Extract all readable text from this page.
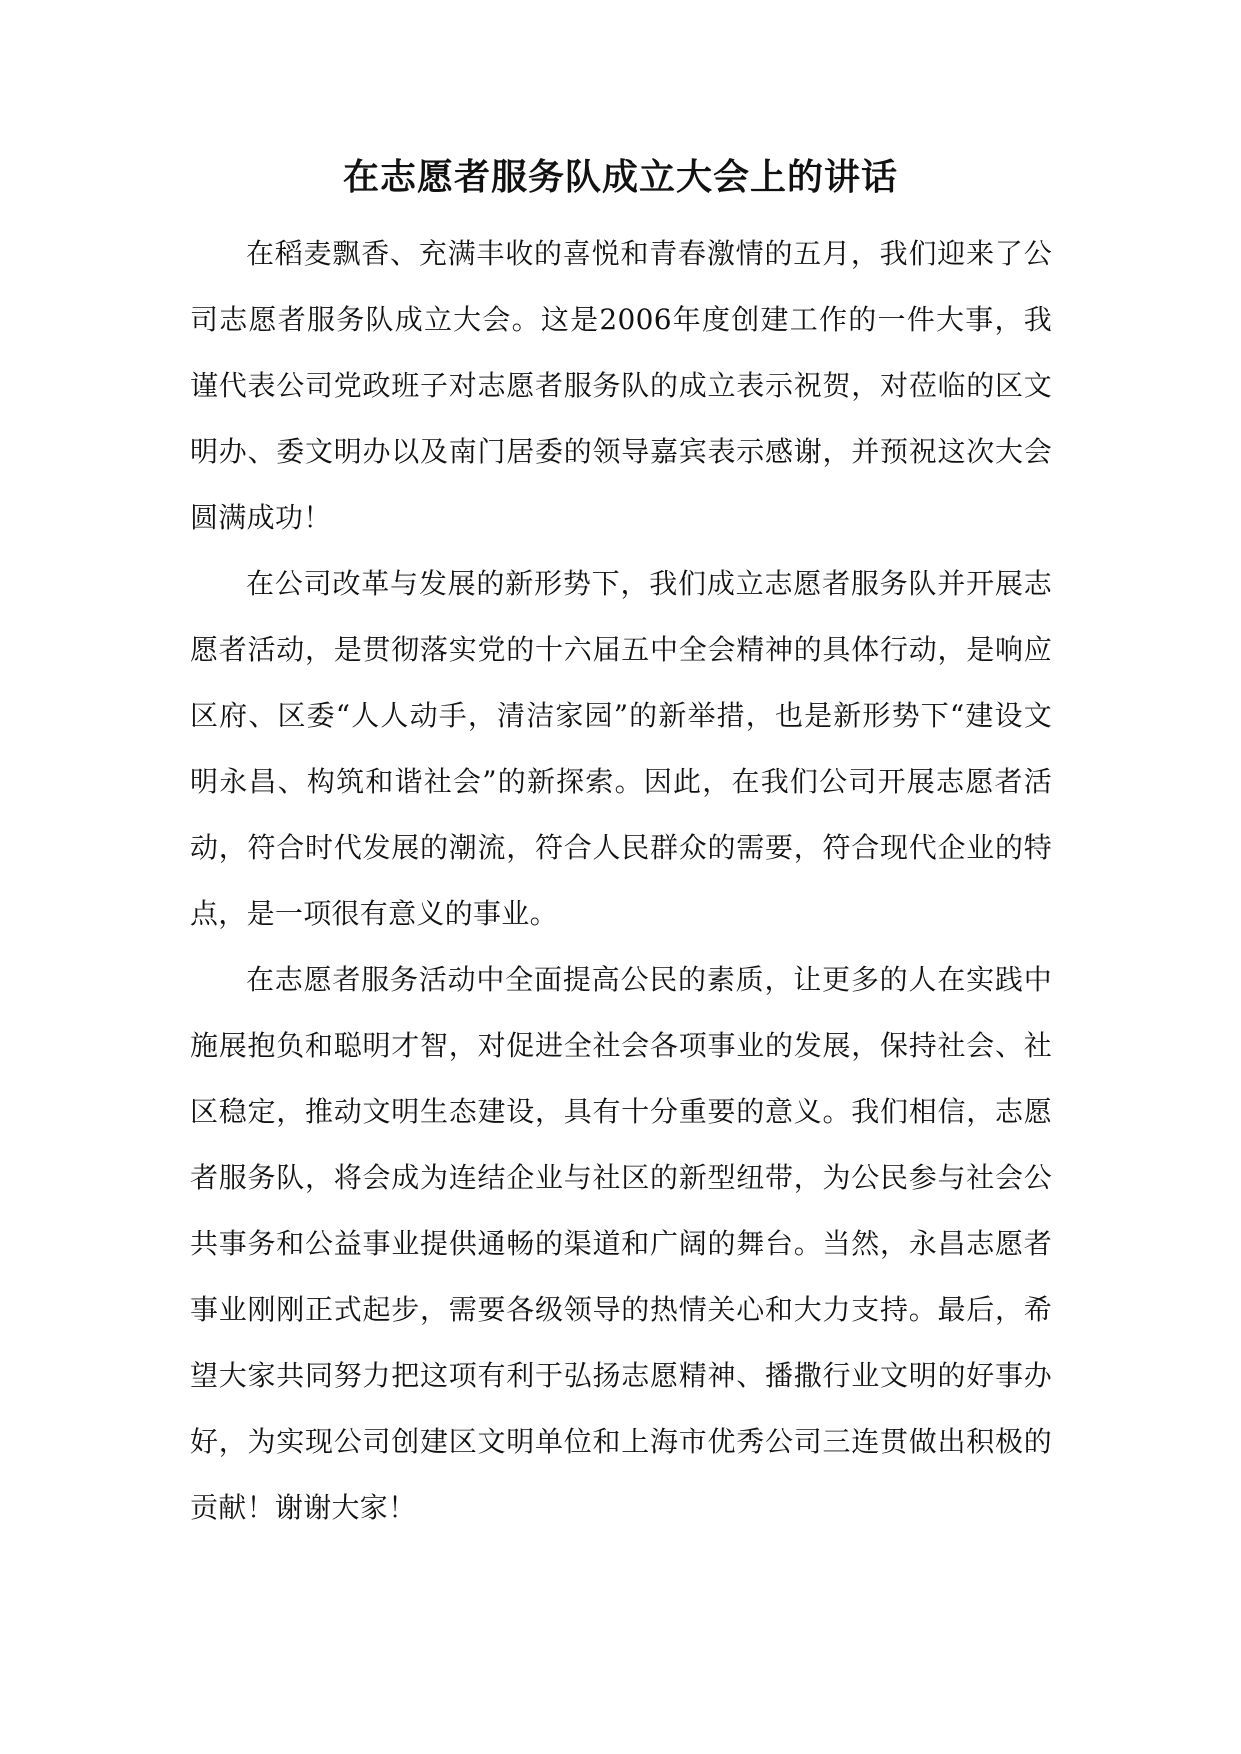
在志愿者服务队成立大会上的讲话

在稻麦飘香、充满丰收的喜悦和青春激情的五月，我们迎来了公司志愿者服务队成立大会。这是2006年度创建工作的一件大事，我谨代表公司党政班子对志愿者服务队的成立表示祝贺，对莅临的区文明办、委文明办以及南门居委的领导嘉宾表示感谢，并预祝这次大会圆满成功！

在公司改革与发展的新形势下，我们成立志愿者服务队并开展志愿者活动，是贯彻落实党的十六届五中全会精神的具体行动，是响应区府、区委“人人动手，清洁家园”的新举措，也是新形势下“建设文明永昌、构筑和谐社会”的新探索。因此，在我们公司开展志愿者活动，符合时代发展的潮流，符合人民群众的需要，符合现代企业的特点，是一项很有意义的事业。

在志愿者服务活动中全面提高公民的素质，让更多的人在实践中施展抱负和聪明才智，对促进全社会各项事业的发展，保持社会、社区稳定，推动文明生态建设，具有十分重要的意义。我们相信，志愿者服务队，将会成为连结企业与社区的新型纽带，为公民参与社会公共事务和公益事业提供通畅的渠道和广阔的舞台。当然，永昌志愿者事业刚刚正式起步，需要各级领导的热情关心和大力支持。最后，希望大家共同努力把这项有利于弘扬志愿精神、播撒行业文明的好事办好，为实现公司创建区文明单位和上海市优秀公司三连贯做出积极的贡献！谢谢大家！
